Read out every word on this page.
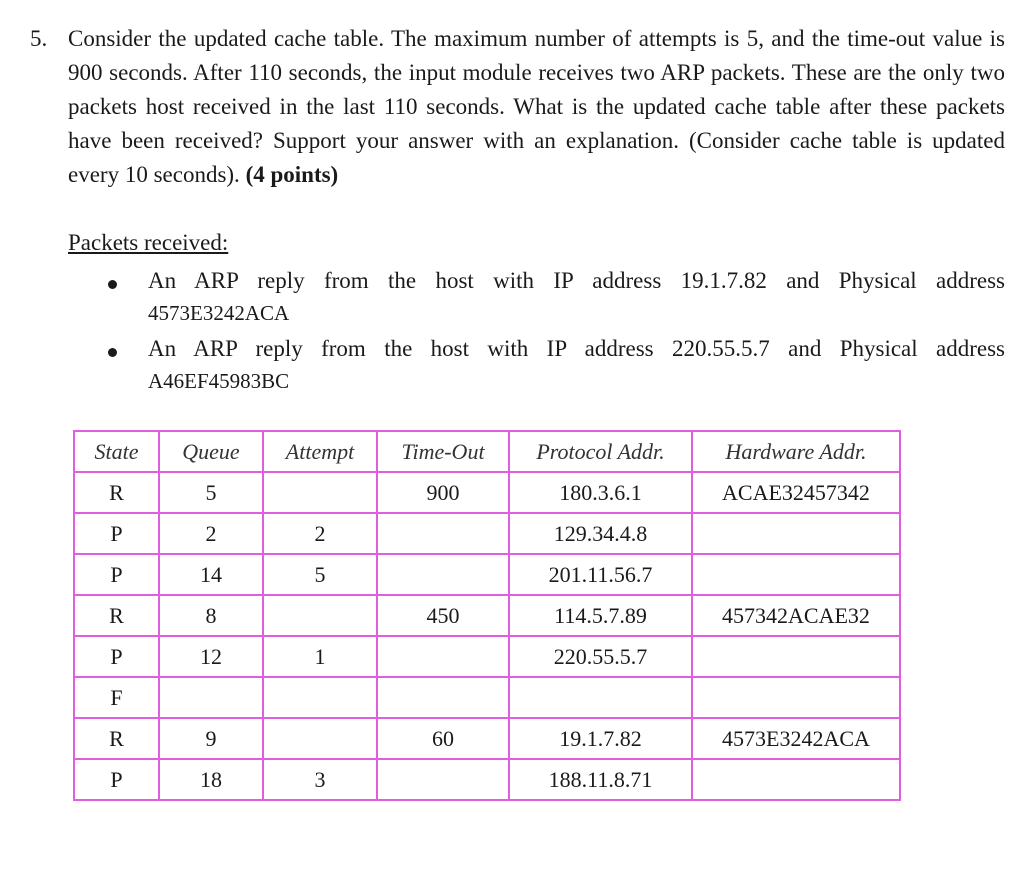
5. Consider the updated cache table. The maximum number of attempts is 5, and the time-out value is 900 seconds. After 110 seconds, the input module receives two ARP packets. These are the only two packets host received in the last 110 seconds. What is the updated cache table after these packets have been received? Support your answer with an explanation. (Consider cache table is updated every 10 seconds). (4 points)
Packets received:
An ARP reply from the host with IP address 19.1.7.82 and Physical address
4573E3242ACA
An ARP reply from the host with IP address 220.55.5.7 and Physical address
A46EF45983BC
State	Queue	Attempt	Time-Out	Protocol Addr.	Hardware Addr.
R	5		900	180.3.6.1	ACAE32457342
P	2	2		129.34.4.8	
P	14	5		201.11.56.7	
R	8		450	114.5.7.89	457342ACAE32
P	12	1		220.55.5.7	
F					
R	9		60	19.1.7.82	4573E3242ACA
P	18	3		188.11.8.71	
